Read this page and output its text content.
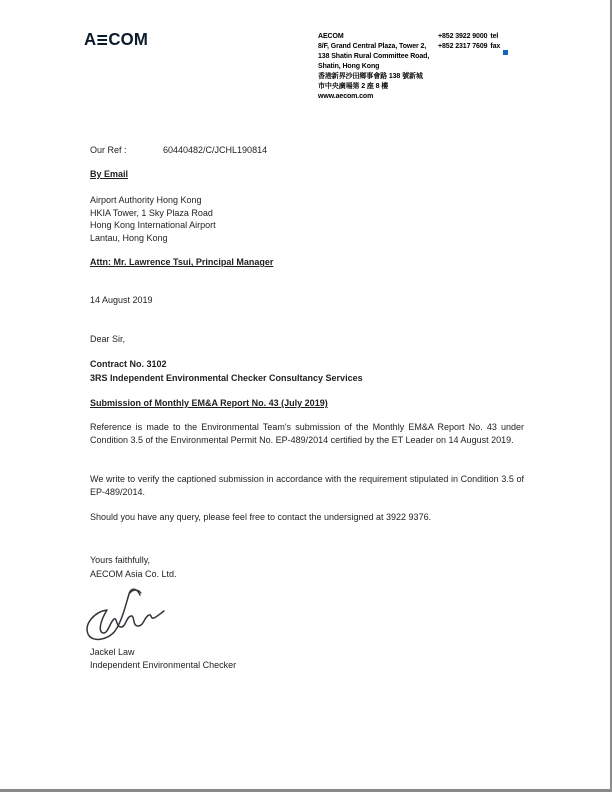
A COM	AECOM
8/F, Grand Central Plaza, Tower 2,
138 Shatin Rural Committee Road,
Shatin, Hong Kong
香港新界沙田鄉事會路 138 號新城
市中央廣場第 2 座 8 樓
www.aecom.com
+852 3922 9000 tel
+852 2317 7609 fax
Our Ref :	60440482/C/JCHL190814
By Email
Airport Authority Hong Kong
HKIA Tower, 1 Sky Plaza Road
Hong Kong International Airport
Lantau, Hong Kong
Attn: Mr. Lawrence Tsui, Principal Manager
14 August 2019
Dear Sir,
Contract No. 3102
3RS Independent Environmental Checker Consultancy Services
Submission of Monthly EM&A Report No. 43 (July 2019)

Reference is made to the Environmental Team's submission of the Monthly EM&A Report No. 43 under Condition 3.5 of the Environmental Permit No. EP-489/2014 certified by the ET Leader on 14 August 2019.

We write to verify the captioned submission in accordance with the requirement stipulated in Condition 3.5 of EP-489/2014.

Should you have any query, please feel free to contact the undersigned at 3922 9376.

Yours faithfully,
AECOM Asia Co. Ltd.
Jackel Law
Independent Environmental Checker
